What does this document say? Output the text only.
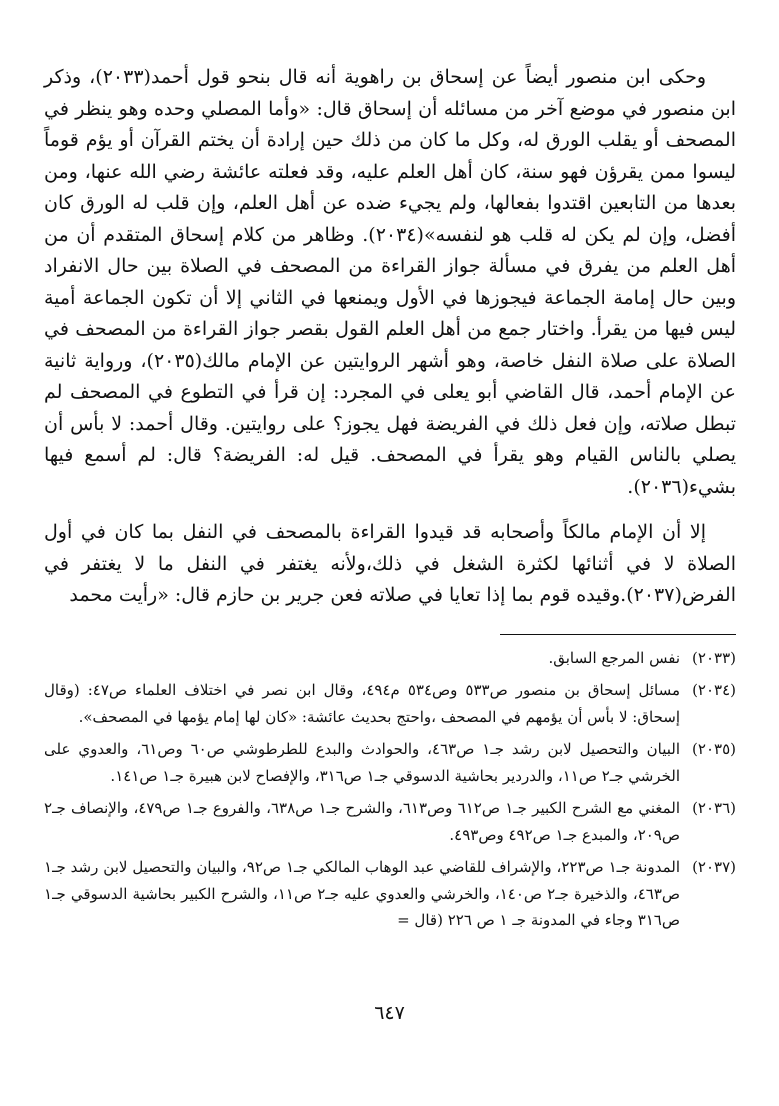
وحكى ابن منصور أيضاً عن إسحاق بن راهوية أنه قال بنحو قول أحمد(٢٠٣٣)، وذكر ابن منصور في موضع آخر من مسائله أن إسحاق قال: «وأما المصلي وحده وهو ينظر في المصحف أو يقلب الورق له، وكل ما كان من ذلك حين إرادة أن يختم القرآن أو يؤم قوماً ليسوا ممن يقرؤن فهو سنة، كان أهل العلم عليه، وقد فعلته عائشة رضي الله عنها، ومن بعدها من التابعين اقتدوا بفعالها، ولم يجيء ضده عن أهل العلم، وإن قلب له الورق كان أفضل، وإن لم يكن له قلب هو لنفسه»(٢٠٣٤). وظاهر من كلام إسحاق المتقدم أن من أهل العلم من يفرق في مسألة جواز القراءة من المصحف في الصلاة بين حال الانفراد وبين حال إمامة الجماعة فيجوزها في الأول ويمنعها في الثاني إلا أن تكون الجماعة أمية ليس فيها من يقرأ. واختار جمع من أهل العلم القول بقصر جواز القراءة من المصحف في الصلاة على صلاة النفل خاصة، وهو أشهر الروايتين عن الإمام مالك(٢٠٣٥)، ورواية ثانية عن الإمام أحمد، قال القاضي أبو يعلى في المجرد: إن قرأ في التطوع في المصحف لم تبطل صلاته، وإن فعل ذلك في الفريضة فهل يجوز؟ على روايتين. وقال أحمد: لا بأس أن يصلي بالناس القيام وهو يقرأ في المصحف. قيل له: الفريضة؟ قال: لم أسمع فيها بشيء(٢٠٣٦).

إلا أن الإمام مالكاً وأصحابه قد قيدوا القراءة بالمصحف في النفل بما كان في أول الصلاة لا في أثنائها لكثرة الشغل في ذلك،ولأنه يغتفر في النفل ما لا يغتفر في الفرض(٢٠٣٧).وقيده قوم بما إذا تعايا في صلاته فعن جرير بن حازم قال: «رأيت محمد

(٢٠٣٣)نفس المرجع السابق.

(٢٠٣٤)مسائل إسحاق بن منصور ص٥٣٣ وص٥٣٤ م٤٩٤، وقال ابن نصر في اختلاف العلماء ص٤٧: (وقال إسحاق: لا بأس أن يؤمهم في المصحف ،واحتج بحديث عائشة: «كان لها إمام يؤمها في المصحف».

(٢٠٣٥)البيان والتحصيل لابن رشد جـ١ ص٤٦٣، والحوادث والبدع للطرطوشي ص٦٠ وص٦١، والعدوي على الخرشي جـ٢ ص١١، والدردير بحاشية الدسوقي جـ١ ص٣١٦، والإفصاح لابن هبيرة جـ١ ص١٤١.

(٢٠٣٦)المغني مع الشرح الكبير جـ١ ص٦١٢ وص٦١٣، والشرح جـ١ ص٦٣٨، والفروع جـ١ ص٤٧٩، والإنصاف جـ٢ ص٢٠٩، والمبدع جـ١ ص٤٩٢ وص٤٩٣.

(٢٠٣٧)المدونة جـ١ ص٢٢٣، والإشراف للقاضي عبد الوهاب المالكي جـ١ ص٩٢، والبيان والتحصيل لابن رشد جـ١ ص٤٦٣، والذخيرة جـ٢ ص١٤٠، والخرشي والعدوي عليه جـ٢ ص١١، والشرح الكبير بحاشية الدسوقي جـ١ ص٣١٦ وجاء في المدونة جـ ١ ص ٢٢٦ (قال =

٦٤٧
